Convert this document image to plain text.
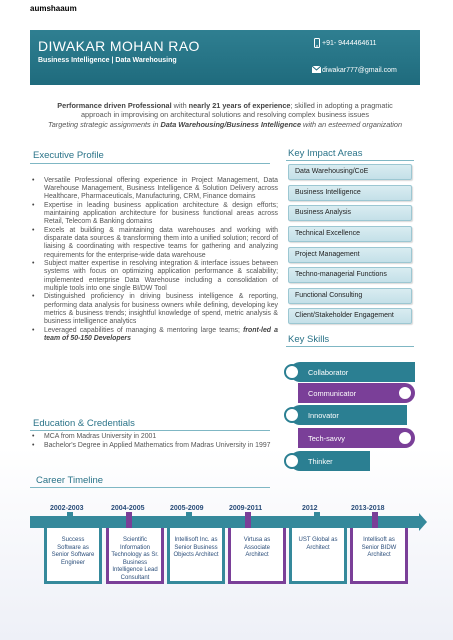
aumshaaum
DIWAKAR MOHAN RAO
Business Intelligence | Data Warehousing
+91- 9444464611
diwakar777@gmail.com
Performance driven Professional with nearly 21 years of experience; skilled in adopting a pragmatic
approach in improvising on architectural solutions and resolving complex business issues
Targeting strategic assignments in Data Warehousing/Business Intelligence with an esteemed organization
Executive Profile
• Versatile Professional offering experience in Project Management, Data Warehouse Management, Business Intelligence & Solution Delivery across Healthcare, Pharmaceuticals, Manufacturing, CRM, Finance domains
• Expertise in leading business application architecture & design efforts; maintaining application architecture for business functional areas across Retail, Telecom & Banking domains
• Excels at building & maintaining data warehouses and working with disparate data sources & transforming them into a unified solution; record of liaising & coordinating with respective teams for gathering and analyzing requirements for the enterprise-wide data warehouse
• Subject matter expertise in resolving integration & interface issues between systems with focus on optimizing application performance & scalability; implemented enterprise Data Warehouse including a consolidation of multiple tools into one single BI/DW Tool
• Distinguished proficiency in driving business intelligence & reporting, performing data analysis for business owners while defining, developing key metrics & business trends; insightful knowledge of spend, metric analysis & business intelligence analytics
• Leveraged capabilities of managing & mentoring large teams; front-led a team of 50-150 Developers
Education & Credentials
• MCA from Madras University in 2001
• Bachelor's Degree in Applied Mathematics from Madras University in 1997
Key Impact Areas
Data Warehousing/CoE
Business Intelligence
Business Analysis
Technical Excellence
Project Management
Techno-managerial Functions
Functional Consulting
Client/Stakeholder Engagement
Key Skills
Collaborator
Communicator
Innovator
Tech-savvy
Thinker
Career Timeline
2002-2003	2004-2005	2005-2009	2009-2011	2012	2013-2018
Success Software as Senior Software Engineer
Scientific Information Technology as Sr. Business Intelligence Lead Consultant
Intellisoft Inc. as Senior Business Objects Architect
Virtusa as Associate Architect
UST Global as Architect
Intellisoft as Senior BIDW Architect
